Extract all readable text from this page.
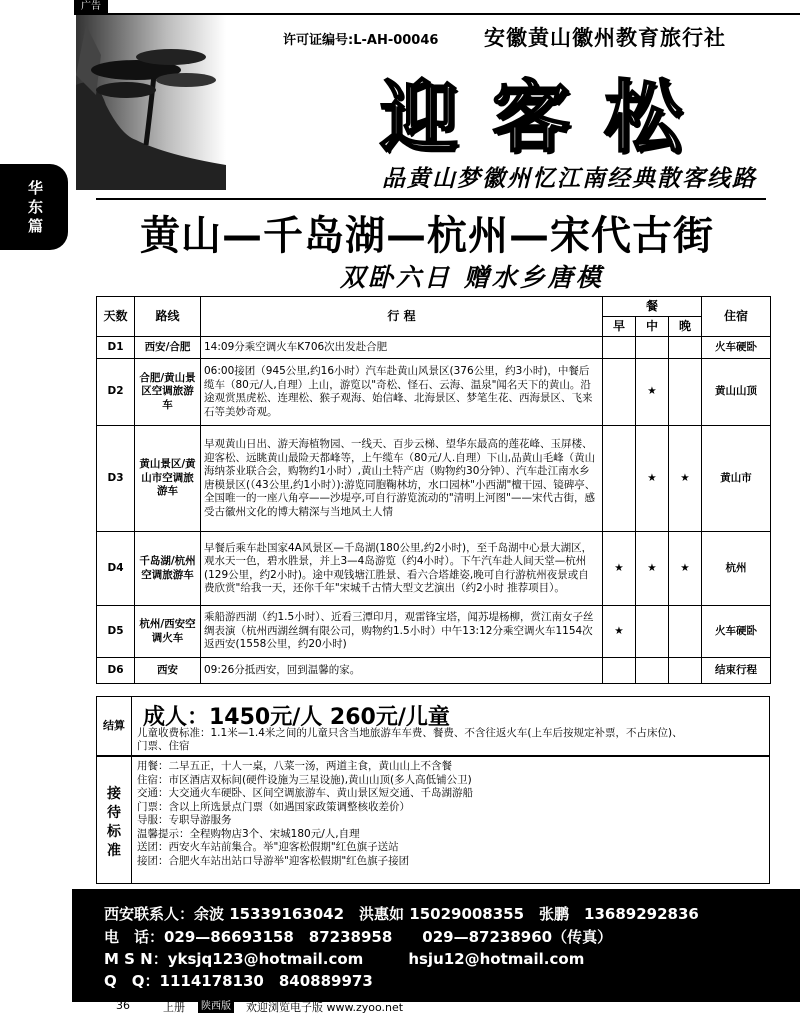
广告
许可证编号:L-AH-00046 安徽黄山徽州教育旅行社
迎客松
品黄山梦徽州忆江南经典散客线路
华东篇 黄山—千岛湖—杭州—宋代古街
双卧六日 赠水乡唐模
天数	路线	行 程	餐			住宿
			早	中	晚	
D1	西安/合肥	14:09分乘空调火车K706次出发赴合肥				火车硬卧
D2	合肥/黄山景区空调旅游车	06:00接团（945公里,约16小时）汽车赴黄山风景区(376公里，约3小时)，中餐后缆车（80元/人,自理）上山，游览以"奇松、怪石、云海、温泉"闻名天下的黄山。沿途观赏黑虎松、连理松、猴子观海、始信峰、北海景区、梦笔生花、西海景区、飞来石等美妙奇观。		★		黄山山顶
D3	黄山景区/黄山市空调旅游车	早观黄山日出、游天海植物园、一线天、百步云梯、望华东最高的莲花峰、玉屏楼、迎客松、远眺黄山最险天都峰等，上午缆车（80元/人.自理）下山,品黄山毛峰（黄山海纳茶业联合会，购物约1小时）,黄山土特产店（购物约30分钟）、汽车赴江南水乡唐模景区(（43公里,约1小时）):游览同胞鞠林坊，水口园林"小西湖"檀干园、镜碑亭、全国唯一的一座八角亭——沙堤亭,可自行游览流动的"清明上河图"——宋代古街，感受古徽州文化的博大精深与当地风土人情		★	★	黄山市
D4	千岛湖/杭州空调旅游车	早餐后乘车赴国家4A风景区—千岛湖(180公里,约2小时)，至千岛湖中心景大湖区，观水天一色，碧水胜景，并上3—4岛游览（约4小时）。下午汽车赴人间天堂—杭州(129公里，约2小时)。途中观钱塘江胜景、看六合塔雄姿,晚可自行游杭州夜景或自费欣赏"给我一天，还你千年"宋城千古情大型文艺演出（约2小时 推荐项目）。	★	★	★	杭州
D5	杭州/西安空调火车	乘船游西湖（约1.5小时）、近看三潭印月，观雷锋宝塔，闻苏堤杨柳，赏江南女子丝绸表演（杭州西湖丝绸有限公司，购物约1.5小时）中午13:12分乘空调火车1154次返西安(1558公里，约20小时)	★			火车硬卧
D6	西安	09:26分抵西安，回到温馨的家。				结束行程
结算 成人：1450元/人 260元/儿童
儿童收费标准：1.1米—1.4米之间的儿童只含当地旅游车车费、餐费、不含往返火车(上车后按规定补票，不占床位)、门票、住宿
接待标准
用餐：二早五正，十人一桌，八菜一汤，两道主食，黄山山上不含餐
住宿：市区酒店双标间(硬件设施为三星设施),黄山山顶(多人高低铺公卫)
交通：大交通火车硬卧、区间空调旅游车、黄山景区短交通、千岛湖游船
门票：含以上所选景点门票（如遇国家政策调整核收差价）
导服：专职导游服务
温馨提示：全程购物店3个、宋城180元/人,自理
送团：西安火车站前集合。举"迎客松假期"红色旗子送站
接团：合肥火车站出站口导游举"迎客松假期"红色旗子接团
西安联系人：余波 15339163042　洪惠如 15029008355　张鹏　13689292836
电　话：029—86693158　87238958　　029—87238960（传真）
M S N：yksjq123@hotmail.com　　　hsju12@hotmail.com
Q　Q：1114178130　840889973
36	上册	陕西版 欢迎浏览电子版 www.zyoo.net
